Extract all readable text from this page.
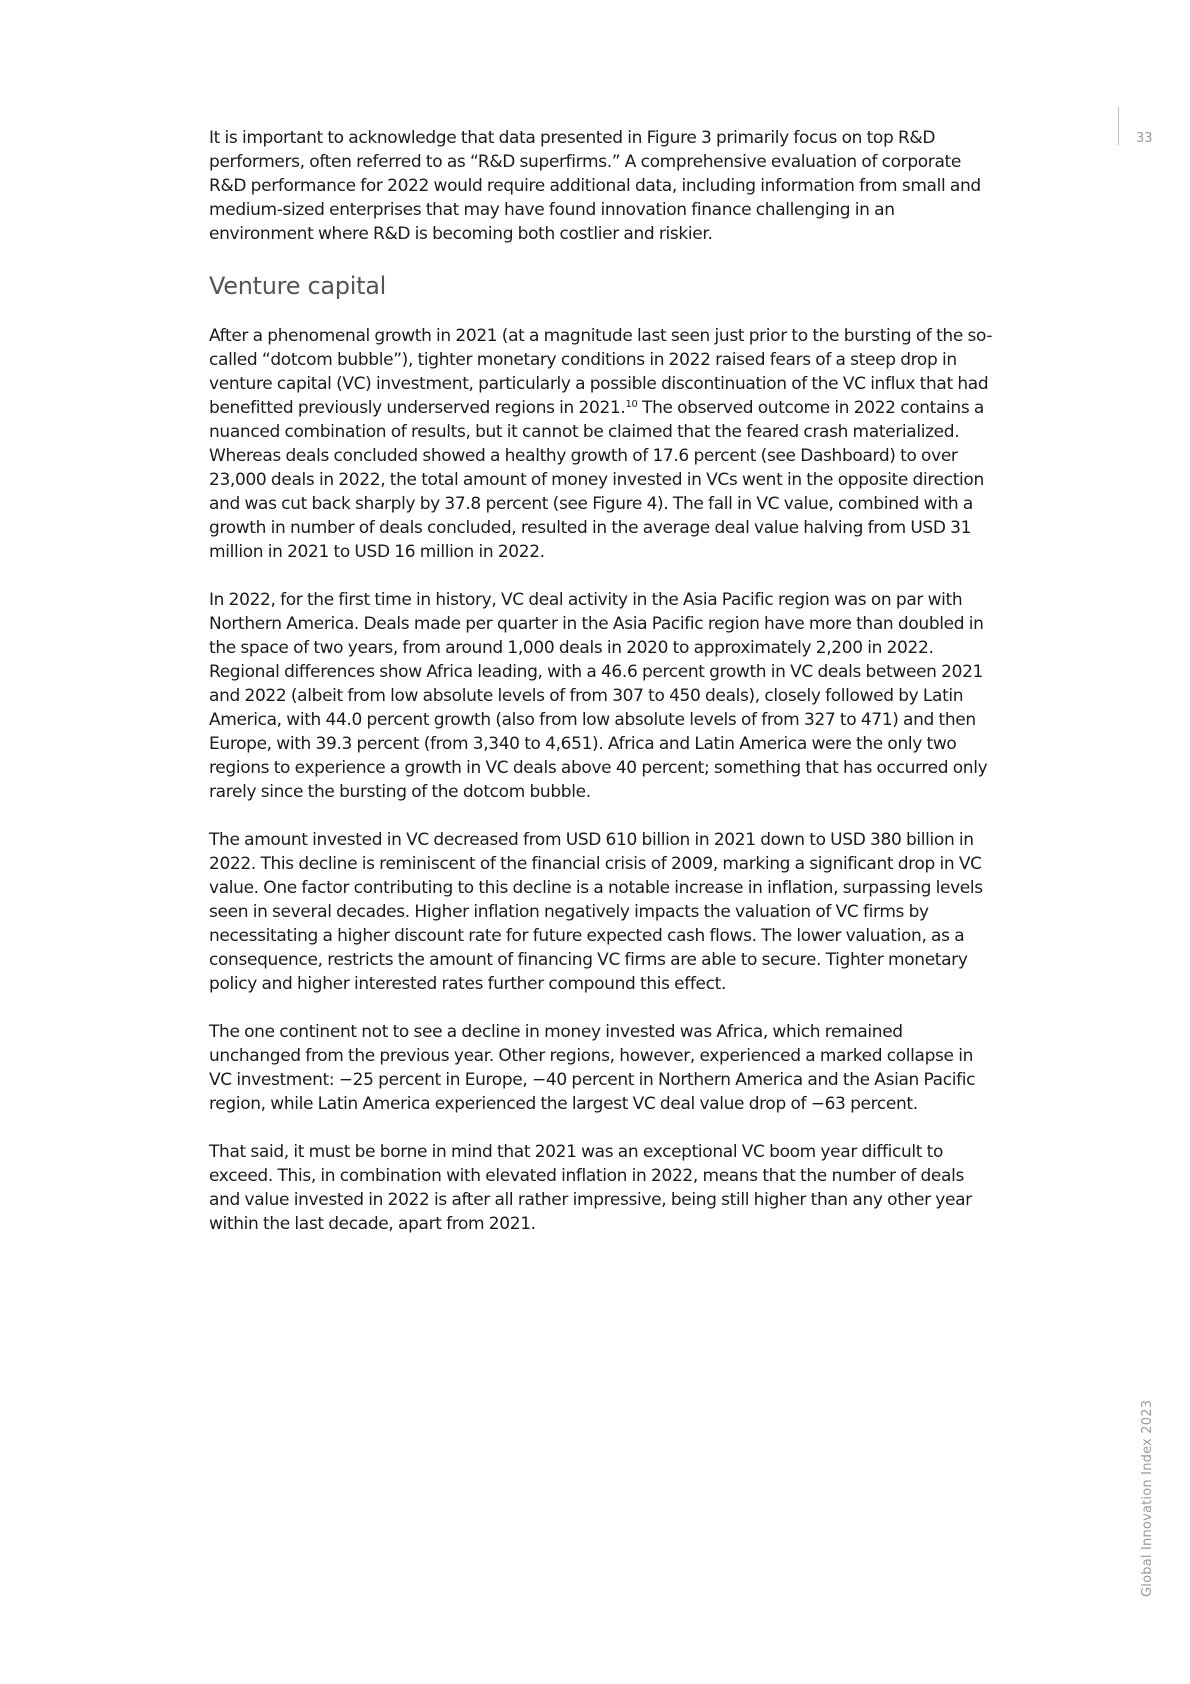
33

It is important to acknowledge that data presented in Figure 3 primarily focus on top R&D performers, often referred to as “R&D superfirms.” A comprehensive evaluation of corporate R&D performance for 2022 would require additional data, including information from small and medium-sized enterprises that may have found innovation finance challenging in an environment where R&D is becoming both costlier and riskier.

Venture capital

After a phenomenal growth in 2021 (at a magnitude last seen just prior to the bursting of the so-called “dotcom bubble”), tighter monetary conditions in 2022 raised fears of a steep drop in venture capital (VC) investment, particularly a possible discontinuation of the VC influx that had benefitted previously underserved regions in 2021.10 The observed outcome in 2022 contains a nuanced combination of results, but it cannot be claimed that the feared crash materialized. Whereas deals concluded showed a healthy growth of 17.6 percent (see Dashboard) to over 23,000 deals in 2022, the total amount of money invested in VCs went in the opposite direction and was cut back sharply by 37.8 percent (see Figure 4). The fall in VC value, combined with a growth in number of deals concluded, resulted in the average deal value halving from USD 31 million in 2021 to USD 16 million in 2022.

In 2022, for the first time in history, VC deal activity in the Asia Pacific region was on par with Northern America. Deals made per quarter in the Asia Pacific region have more than doubled in the space of two years, from around 1,000 deals in 2020 to approximately 2,200 in 2022. Regional differences show Africa leading, with a 46.6 percent growth in VC deals between 2021 and 2022 (albeit from low absolute levels of from 307 to 450 deals), closely followed by Latin America, with 44.0 percent growth (also from low absolute levels of from 327 to 471) and then Europe, with 39.3 percent (from 3,340 to 4,651). Africa and Latin America were the only two regions to experience a growth in VC deals above 40 percent; something that has occurred only rarely since the bursting of the dotcom bubble.

The amount invested in VC decreased from USD 610 billion in 2021 down to USD 380 billion in 2022. This decline is reminiscent of the financial crisis of 2009, marking a significant drop in VC value. One factor contributing to this decline is a notable increase in inflation, surpassing levels seen in several decades. Higher inflation negatively impacts the valuation of VC firms by necessitating a higher discount rate for future expected cash flows. The lower valuation, as a consequence, restricts the amount of financing VC firms are able to secure. Tighter monetary policy and higher interested rates further compound this effect.

The one continent not to see a decline in money invested was Africa, which remained unchanged from the previous year. Other regions, however, experienced a marked collapse in VC investment: −25 percent in Europe, −40 percent in Northern America and the Asian Pacific region, while Latin America experienced the largest VC deal value drop of −63 percent.

That said, it must be borne in mind that 2021 was an exceptional VC boom year difficult to exceed. This, in combination with elevated inflation in 2022, means that the number of deals and value invested in 2022 is after all rather impressive, being still higher than any other year within the last decade, apart from 2021.

Global Innovation Index 2023
